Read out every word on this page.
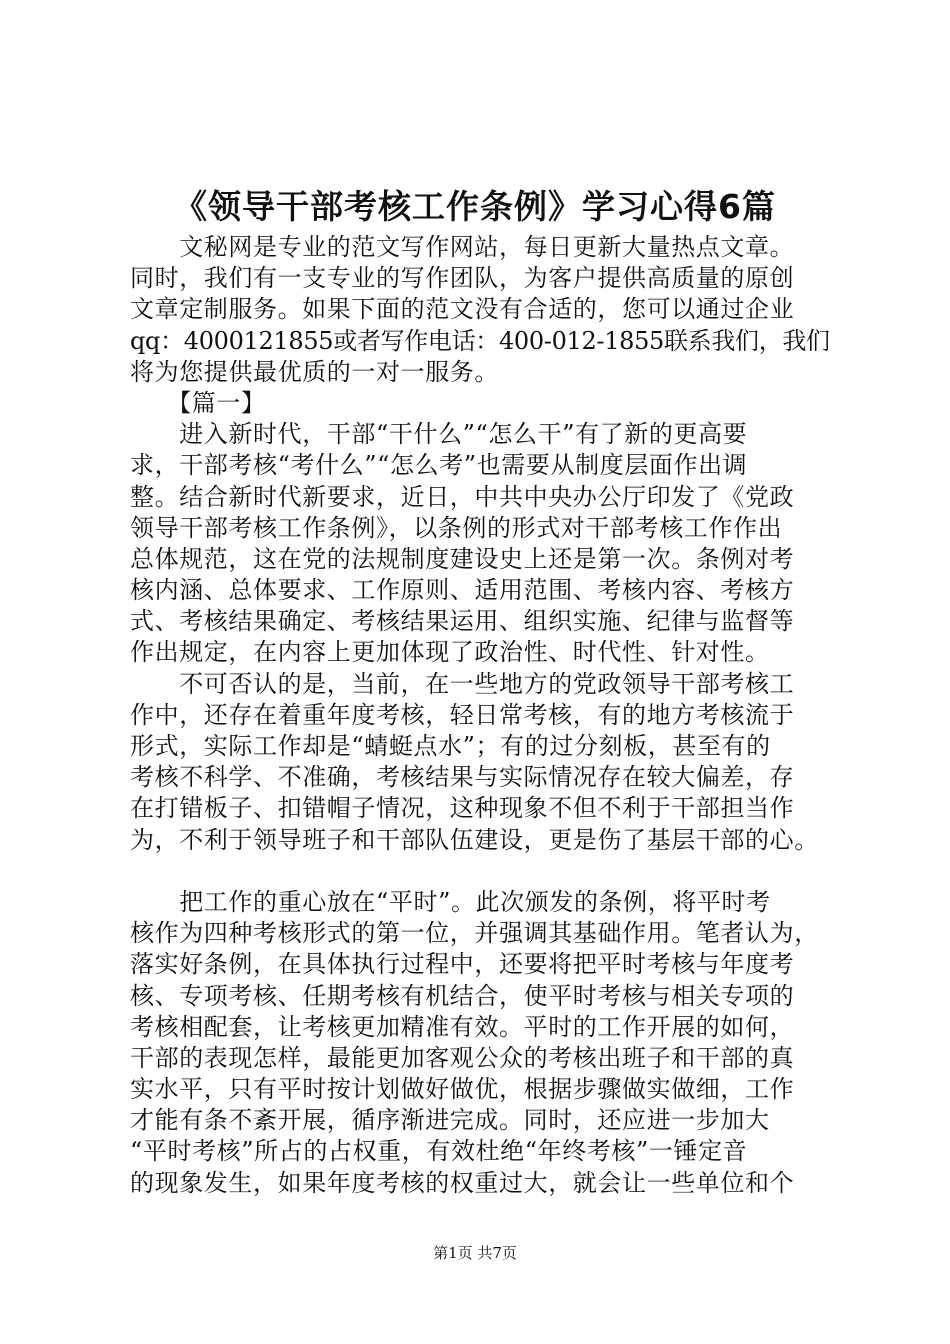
《领导干部考核工作条例》学习心得6篇
　　文秘网是专业的范文写作网站，每日更新大量热点文章。
同时，我们有一支专业的写作团队，为客户提供高质量的原创
文章定制服务。如果下面的范文没有合适的，您可以通过企业
qq：4000121855或者写作电话：400-012-1855联系我们，我们
将为您提供最优质的一对一服务。
　　【篇一】
　　进入新时代，干部“干什么”“怎么干”有了新的更高要
求，干部考核“考什么”“怎么考”也需要从制度层面作出调
整。结合新时代新要求，近日，中共中央办公厅印发了《党政
领导干部考核工作条例》，以条例的形式对干部考核工作作出
总体规范，这在党的法规制度建设史上还是第一次。条例对考
核内涵、总体要求、工作原则、适用范围、考核内容、考核方
式、考核结果确定、考核结果运用、组织实施、纪律与监督等
作出规定，在内容上更加体现了政治性、时代性、针对性。
　　不可否认的是，当前，在一些地方的党政领导干部考核工
作中，还存在着重年度考核，轻日常考核，有的地方考核流于
形式，实际工作却是“蜻蜓点水”；有的过分刻板，甚至有的
考核不科学、不准确，考核结果与实际情况存在较大偏差，存
在打错板子、扣错帽子情况，这种现象不但不利于干部担当作
为，不利于领导班子和干部队伍建设，更是伤了基层干部的心。
　　把工作的重心放在“平时”。此次颁发的条例，将平时考
核作为四种考核形式的第一位，并强调其基础作用。笔者认为，
落实好条例，在具体执行过程中，还要将把平时考核与年度考
核、专项考核、任期考核有机结合，使平时考核与相关专项的
考核相配套，让考核更加精准有效。平时的工作开展的如何，
干部的表现怎样，最能更加客观公众的考核出班子和干部的真
实水平，只有平时按计划做好做优，根据步骤做实做细，工作
才能有条不紊开展，循序渐进完成。同时，还应进一步加大
“平时考核”所占的占权重，有效杜绝“年终考核”一锤定音
的现象发生，如果年度考核的权重过大，就会让一些单位和个
第1页 共7页
